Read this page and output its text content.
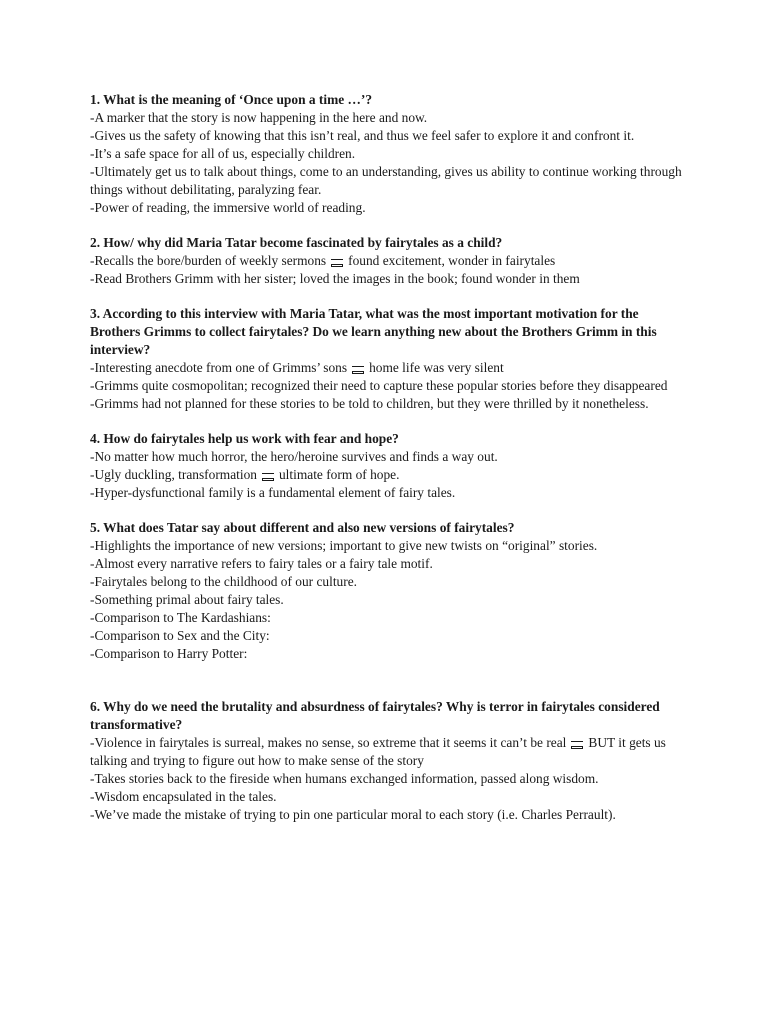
1. What is the meaning of ‘Once upon a time …’?

-A marker that the story is now happening in the here and now.

-Gives us the safety of knowing that this isn’t real, and thus we feel safer to explore it and confront it.

-It’s a safe space for all of us, especially children.

-Ultimately get us to talk about things, come to an understanding, gives us ability to continue working through things without debilitating, paralyzing fear.

-Power of reading, the immersive world of reading.

2. How/ why did Maria Tatar become fascinated by fairytales as a child?

-Recalls the bore/burden of weekly sermons found excitement, wonder in fairytales

-Read Brothers Grimm with her sister; loved the images in the book; found wonder in them

3. According to this interview with Maria Tatar, what was the most important motivation for the Brothers Grimms to collect fairytales? Do we learn anything new about the Brothers Grimm in this interview?

-Interesting anecdote from one of Grimms’ sons home life was very silent

-Grimms quite cosmopolitan; recognized their need to capture these popular stories before they disappeared

-Grimms had not planned for these stories to be told to children, but they were thrilled by it nonetheless.

4. How do fairytales help us work with fear and hope?

-No matter how much horror, the hero/heroine survives and finds a way out.

-Ugly duckling, transformation ultimate form of hope.

-Hyper-dysfunctional family is a fundamental element of fairy tales.

5. What does Tatar say about different and also new versions of fairytales?

-Highlights the importance of new versions; important to give new twists on “original” stories.

-Almost every narrative refers to fairy tales or a fairy tale motif.

-Fairytales belong to the childhood of our culture.

-Something primal about fairy tales.

-Comparison to The Kardashians:

-Comparison to Sex and the City:

-Comparison to Harry Potter:

6. Why do we need the brutality and absurdness of fairytales? Why is terror in fairytales considered transformative?

-Violence in fairytales is surreal, makes no sense, so extreme that it seems it can’t be real BUT it gets us talking and trying to figure out how to make sense of the story

-Takes stories back to the fireside when humans exchanged information, passed along wisdom.

-Wisdom encapsulated in the tales.

-We’ve made the mistake of trying to pin one particular moral to each story (i.e. Charles Perrault).
